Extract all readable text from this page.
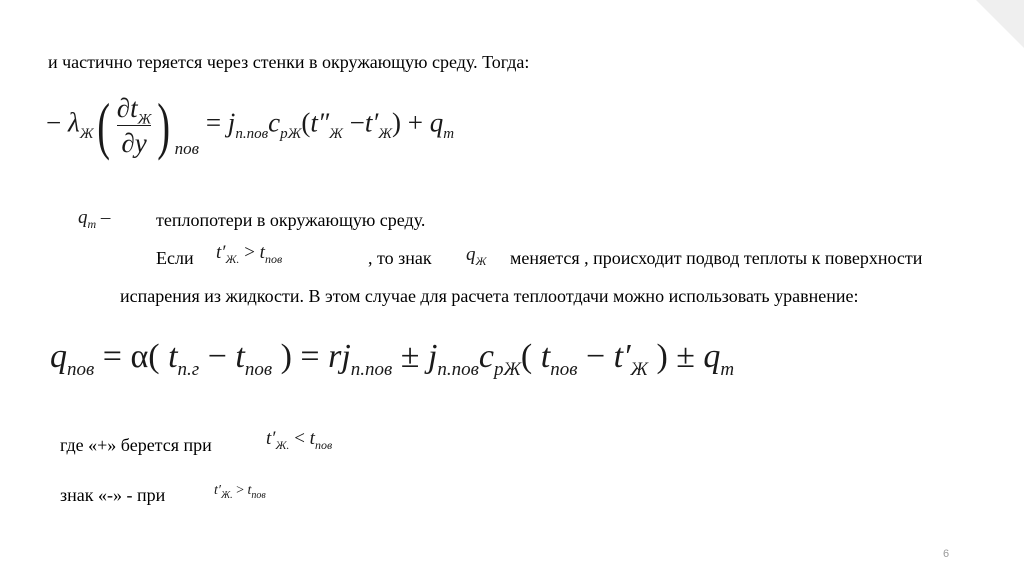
и частично теряется через стенки в окружающую среду. Тогда:
− $\lambda_Ж( \frac{\partial t_Ж}{\partial y}$ ) $_{пов} = j_{п.пов}c_{рЖ}(t''_Ж -t'_Ж) + q_m$
$q_m$ –	теплопотери в окружающую среду.
Если $t'_{Ж.} > t_{пов}$	, то знак $q_Ж$ меняется , происходит подвод теплоты к поверхности
испарения из жидкости. В этом случае для расчета теплоотдачи можно использовать уравнение:
$q_{пов} = \alpha$( $t_{п.г} - t_{пов}$ ) = $rj_{п.пов} \pm j_{п.пов}c_{рЖ}$( $t_{пов} - t'_Ж$ ) ± $q_m$
где «+» берется при	$t'_{Ж.} < t_{пов}$
знак «-» - при	$t'_{Ж.} > t_{пов}$
6
